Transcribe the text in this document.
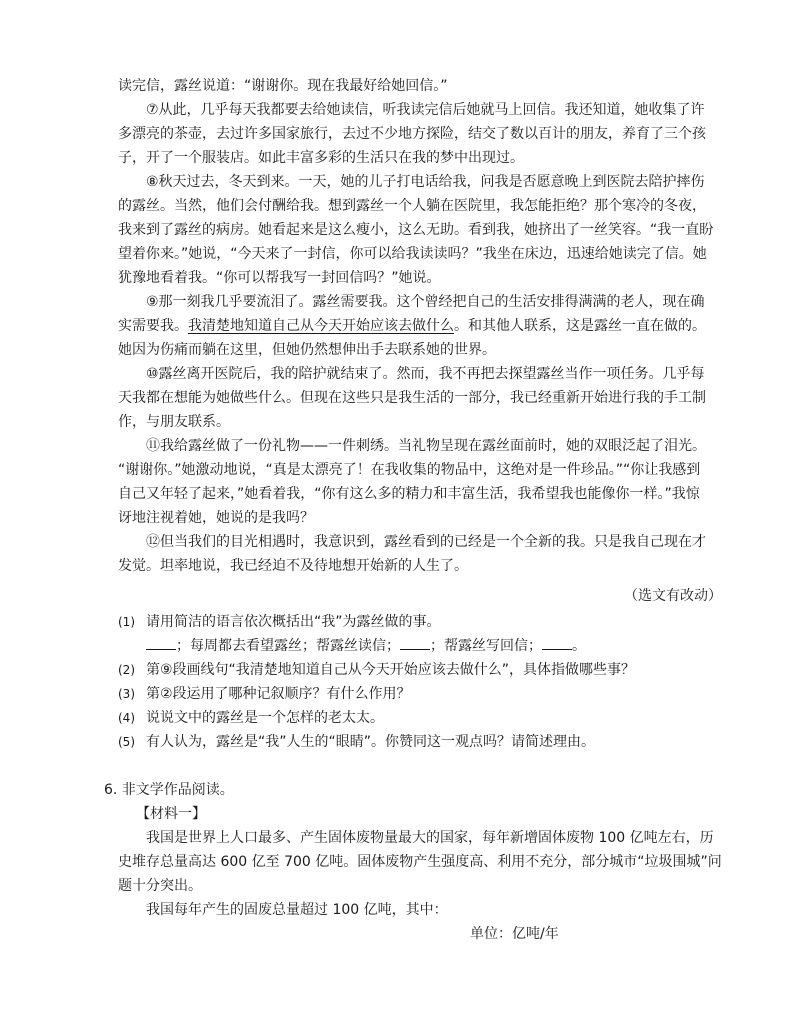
读完信，露丝说道：“谢谢你。现在我最好给她回信。”
⑦从此，几乎每天我都要去给她读信，听我读完信后她就马上回信。我还知道，她收集了许
多漂亮的茶壶，去过许多国家旅行，去过不少地方探险，结交了数以百计的朋友，养育了三个孩
子，开了一个服装店。如此丰富多彩的生活只在我的梦中出现过。
⑧秋天过去，冬天到来。一天，她的儿子打电话给我，问我是否愿意晚上到医院去陪护摔伤
的露丝。当然，他们会付酬给我。想到露丝一个人躺在医院里，我怎能拒绝？那个寒冷的冬夜，
我来到了露丝的病房。她看起来是这么瘦小，这么无助。看到我，她挤出了一丝笑容。“我一直盼
望着你来。”她说，“今天来了一封信，你可以给我读读吗？”我坐在床边，迅速给她读完了信。她
犹豫地看着我。“你可以帮我写一封回信吗？”她说。
⑨那一刻我几乎要流泪了。露丝需要我。这个曾经把自己的生活安排得满满的老人，现在确
实需要我。我清楚地知道自己从今天开始应该去做什么。和其他人联系，这是露丝一直在做的。
她因为伤痛而躺在这里，但她仍然想伸出手去联系她的世界。
⑩露丝离开医院后，我的陪护就结束了。然而，我不再把去探望露丝当作一项任务。几乎每
天我都在想能为她做些什么。但现在这些只是我生活的一部分，我已经重新开始进行我的手工制
作，与朋友联系。
⑪我给露丝做了一份礼物——一件刺绣。当礼物呈现在露丝面前时，她的双眼泛起了泪光。
“谢谢你。”她激动地说，“真是太漂亮了！在我收集的物品中，这绝对是一件珍品。”“你让我感到
自己又年轻了起来，”她看着我，“你有这么多的精力和丰富生活，我希望我也能像你一样。”我惊
讶地注视着她，她说的是我吗？
⑫但当我们的目光相遇时，我意识到，露丝看到的已经是一个全新的我。只是我自己现在才
发觉。坦率地说，我已经迫不及待地想开始新的人生了。
（选文有改动）
(1) 请用简洁的语言依次概括出“我”为露丝做的事。
；每周都去看望露丝；帮露丝读信； ；帮露丝写回信； 。
(2) 第⑨段画线句“我清楚地知道自己从今天开始应该去做什么”，具体指做哪些事？
(3) 第②段运用了哪种记叙顺序？有什么作用？
(4) 说说文中的露丝是一个怎样的老太太。
(5) 有人认为，露丝是“我”人生的“眼睛”。你赞同这一观点吗？请简述理由。
6. 非文学作品阅读。
【材料一】
我国是世界上人口最多、产生固体废物量最大的国家，每年新增固体废物 100 亿吨左右，历
史堆存总量高达 600 亿至 700 亿吨。固体废物产生强度高、利用不充分，部分城市“垃圾围城”问
题十分突出。
我国每年产生的固废总量超过 100 亿吨，其中：
单位：亿吨/年
